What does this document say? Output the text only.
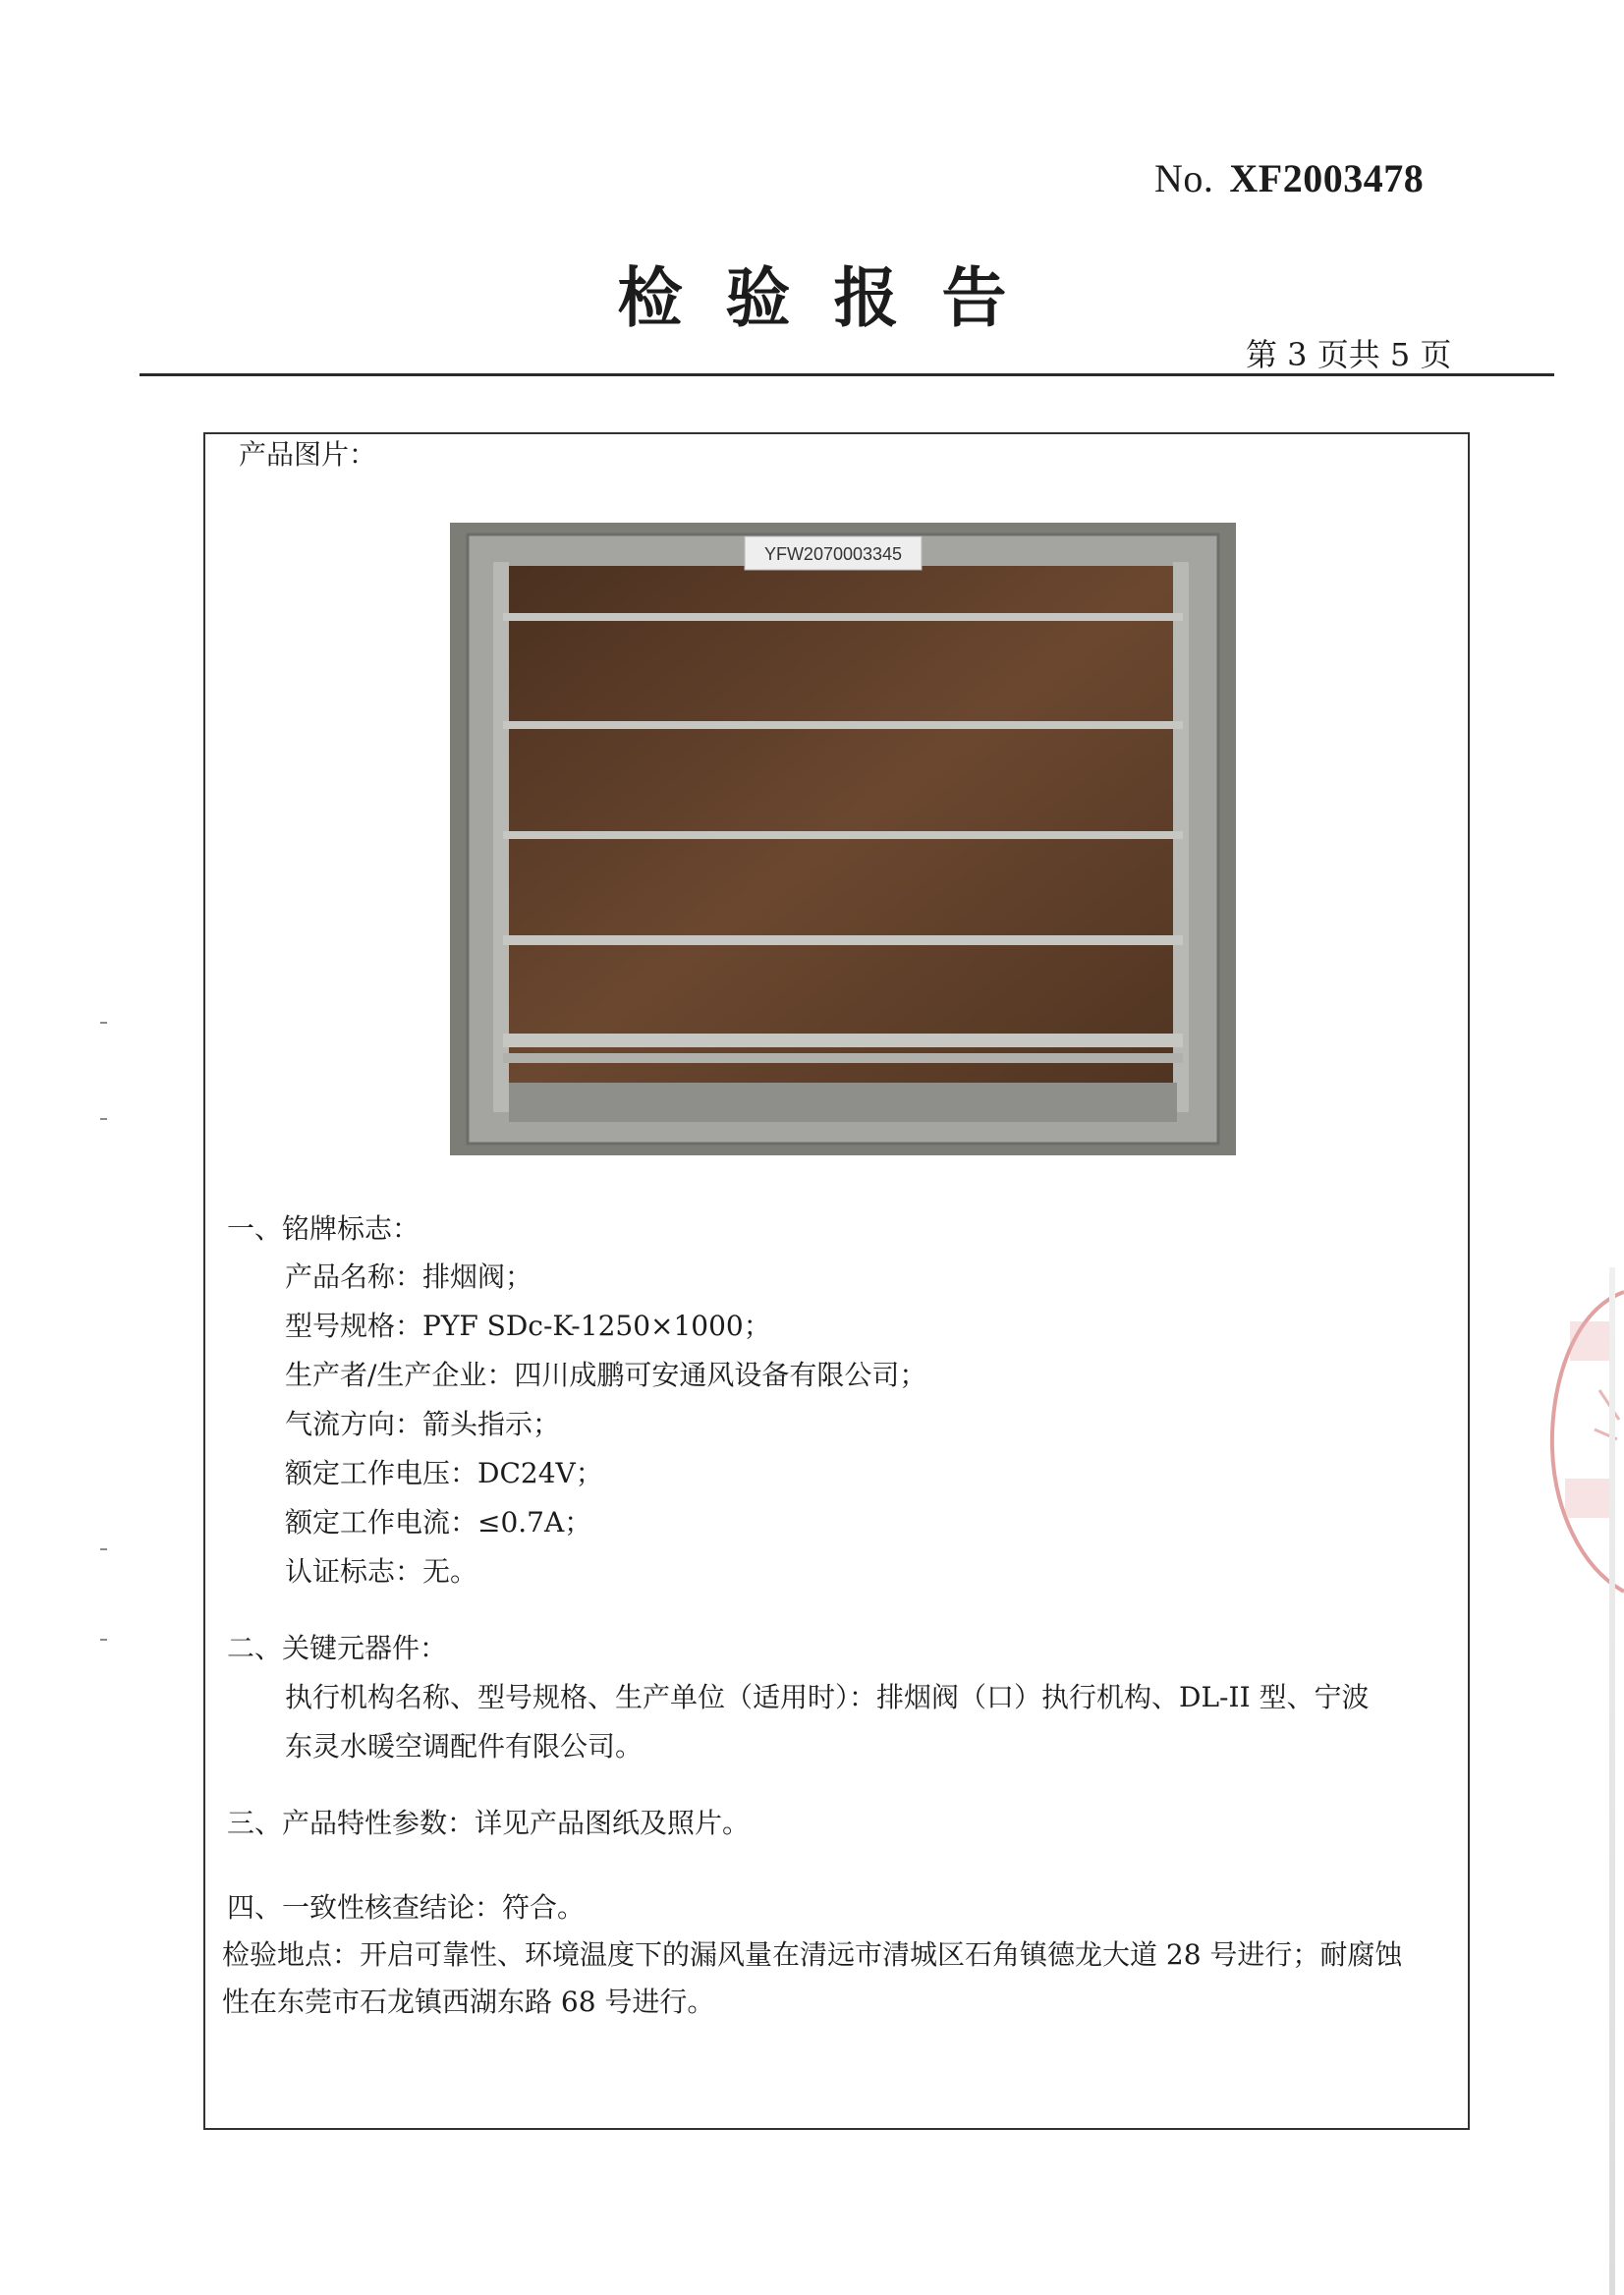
No. XF2003478
检验报告
第 3 页共 5 页
产品图片：
YFW2070003345
一、铭牌标志：
产品名称：排烟阀；
型号规格：PYF SDc-K-1250×1000；
生产者/生产企业：四川成鹏可安通风设备有限公司；
气流方向：箭头指示；
额定工作电压：DC24V；
额定工作电流：≤0.7A；
认证标志：无。
二、关键元器件：
执行机构名称、型号规格、生产单位（适用时）：排烟阀（口）执行机构、DL-II 型、宁波
东灵水暖空调配件有限公司。
三、产品特性参数：详见产品图纸及照片。
四、一致性核查结论：符合。
检验地点：开启可靠性、环境温度下的漏风量在清远市清城区石角镇德龙大道 28 号进行；耐腐蚀
性在东莞市石龙镇西湖东路 68 号进行。
